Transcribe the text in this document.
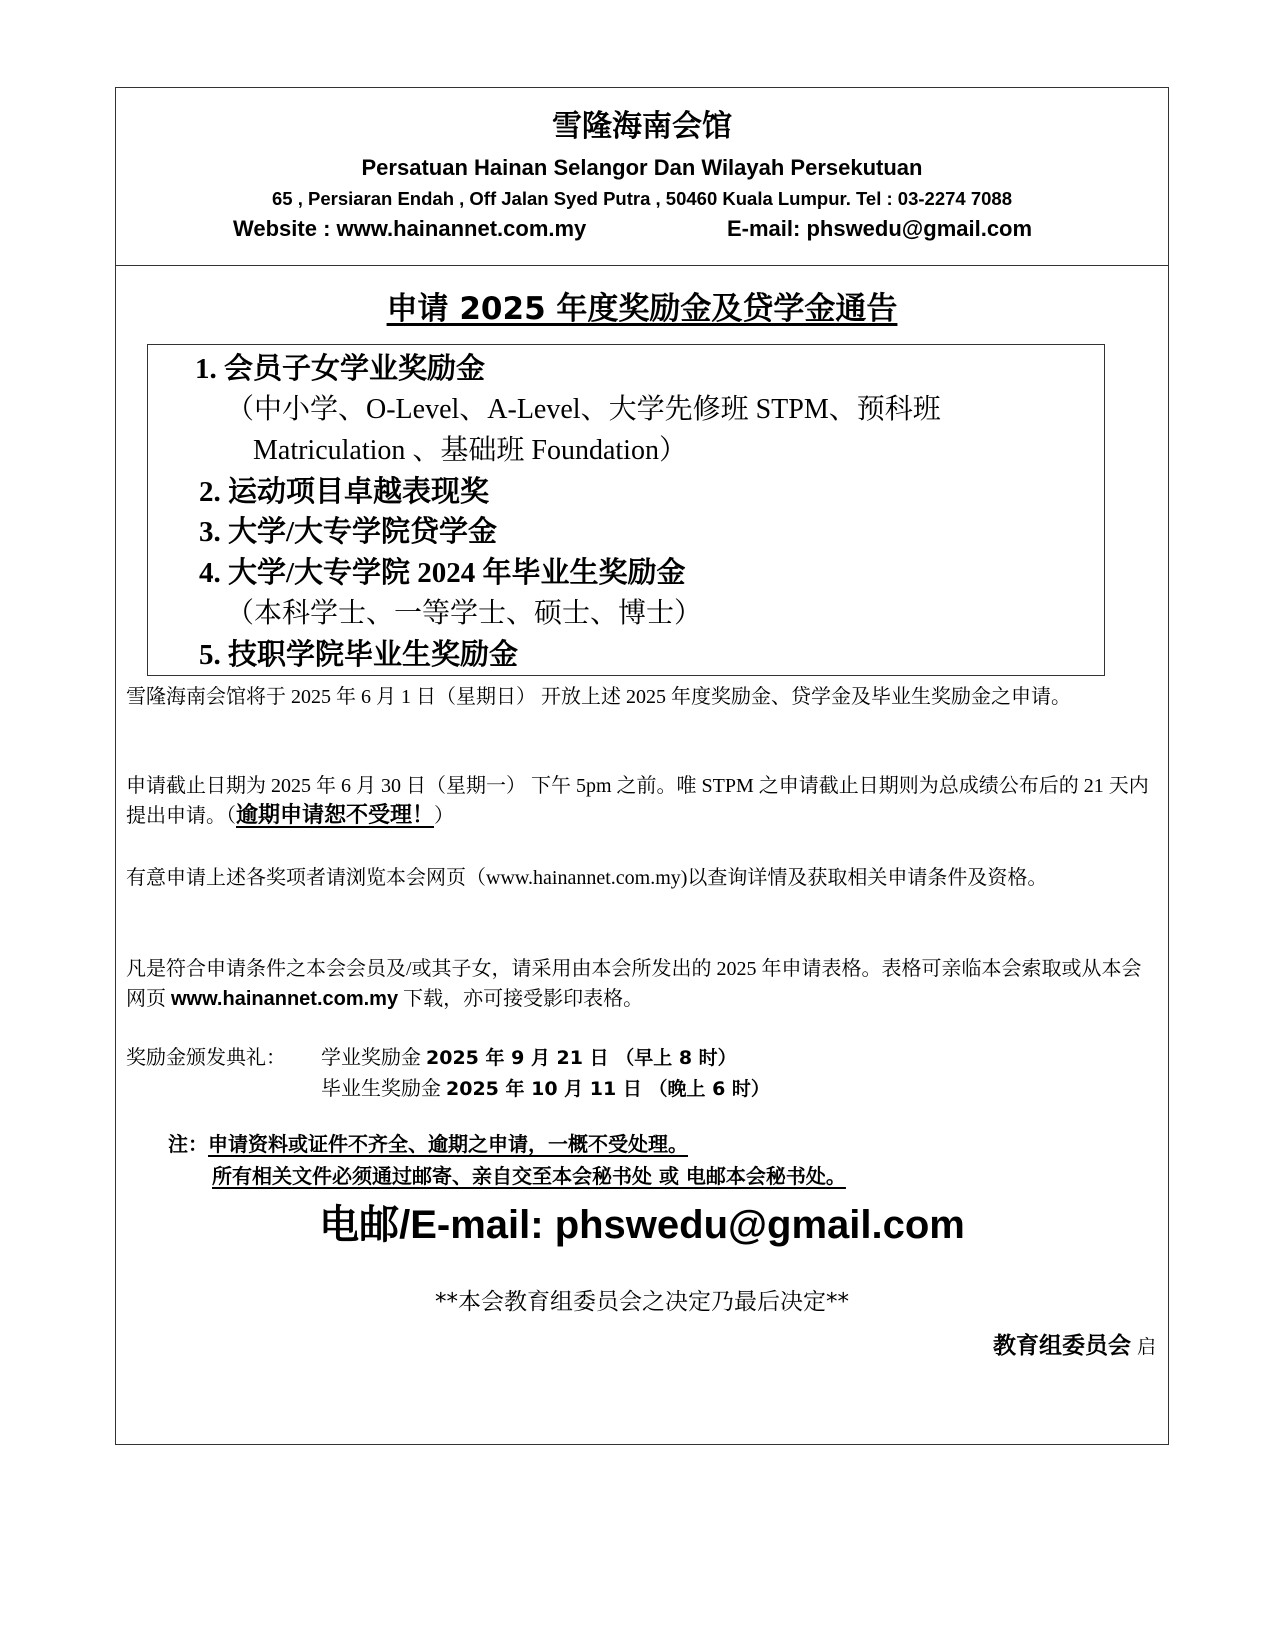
雪隆海南会馆
Persatuan Hainan Selangor Dan Wilayah Persekutuan
65 , Persiaran Endah , Off Jalan Syed Putra , 50460 Kuala Lumpur. Tel : 03-2274 7088
Website : www.hainannet.com.my	E-mail: phswedu@gmail.com
申请 2025 年度奖励金及贷学金通告
1. 会员子女学业奖励金
（中小学、O-Level、A-Level、大学先修班 STPM、预科班
Matriculation 、基础班 Foundation）
2. 运动项目卓越表现奖
3. 大学/大专学院贷学金
4. 大学/大专学院 2024 年毕业生奖励金
（本科学士、一等学士、硕士、博士）
5. 技职学院毕业生奖励金
雪隆海南会馆将于 2025 年 6 月 1 日（星期日） 开放上述 2025 年度奖励金、贷学金及毕业生奖励金之申请。
申请截止日期为 2025 年 6 月 30 日（星期一） 下午 5pm 之前。唯 STPM 之申请截止日期则为总成绩公布后的 21 天内提出申请。（逾期申请恕不受理！）
有意申请上述各奖项者请浏览本会网页（www.hainannet.com.my)以查询详情及获取相关申请条件及资格。
凡是符合申请条件之本会会员及/或其子女，请采用由本会所发出的 2025 年申请表格。表格可亲临本会索取或从本会网页 www.hainannet.com.my 下载，亦可接受影印表格。
奖励金颁发典礼： 学业奖励金 2025 年 9 月 21 日 （早上 8 时）
毕业生奖励金 2025 年 10 月 11 日 （晚上 6 时）
注：申请资料或证件不齐全、逾期之申请，一概不受处理。
所有相关文件必须通过邮寄、亲自交至本会秘书处 或 电邮本会秘书处。
电邮/E-mail: phswedu@gmail.com
**本会教育组委员会之决定乃最后决定**
教育组委员会 启
